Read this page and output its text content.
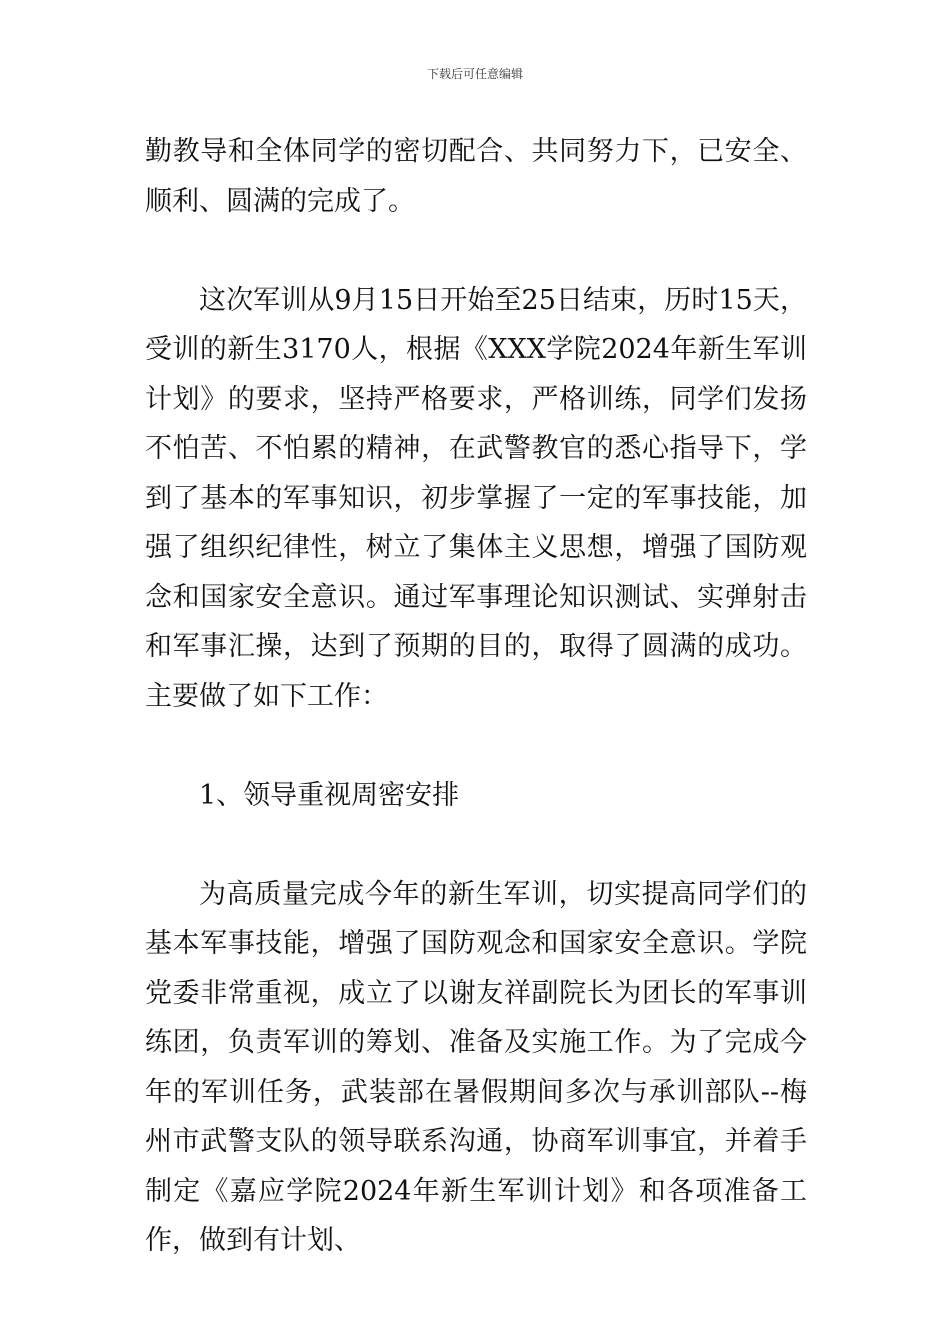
下载后可任意编辑

勤教导和全体同学的密切配合、共同努力下，已安全、顺利、圆满的完成了。

这次军训从9月15日开始至25日结束，历时15天，受训的新生3170人，根据《XXX学院2024年新生军训计划》的要求，坚持严格要求，严格训练，同学们发扬不怕苦、不怕累的精神，在武警教官的悉心指导下，学到了基本的军事知识，初步掌握了一定的军事技能，加强了组织纪律性，树立了集体主义思想，增强了国防观念和国家安全意识。通过军事理论知识测试、实弹射击和军事汇操，达到了预期的目的，取得了圆满的成功。主要做了如下工作：

1、领导重视周密安排

为高质量完成今年的新生军训，切实提高同学们的基本军事技能，增强了国防观念和国家安全意识。学院党委非常重视，成立了以谢友祥副院长为团长的军事训练团，负责军训的筹划、准备及实施工作。为了完成今年的军训任务，武装部在暑假期间多次与承训部队--梅州市武警支队的领导联系沟通，协商军训事宜，并着手制定《嘉应学院2024年新生军训计划》和各项准备工作，做到有计划、
